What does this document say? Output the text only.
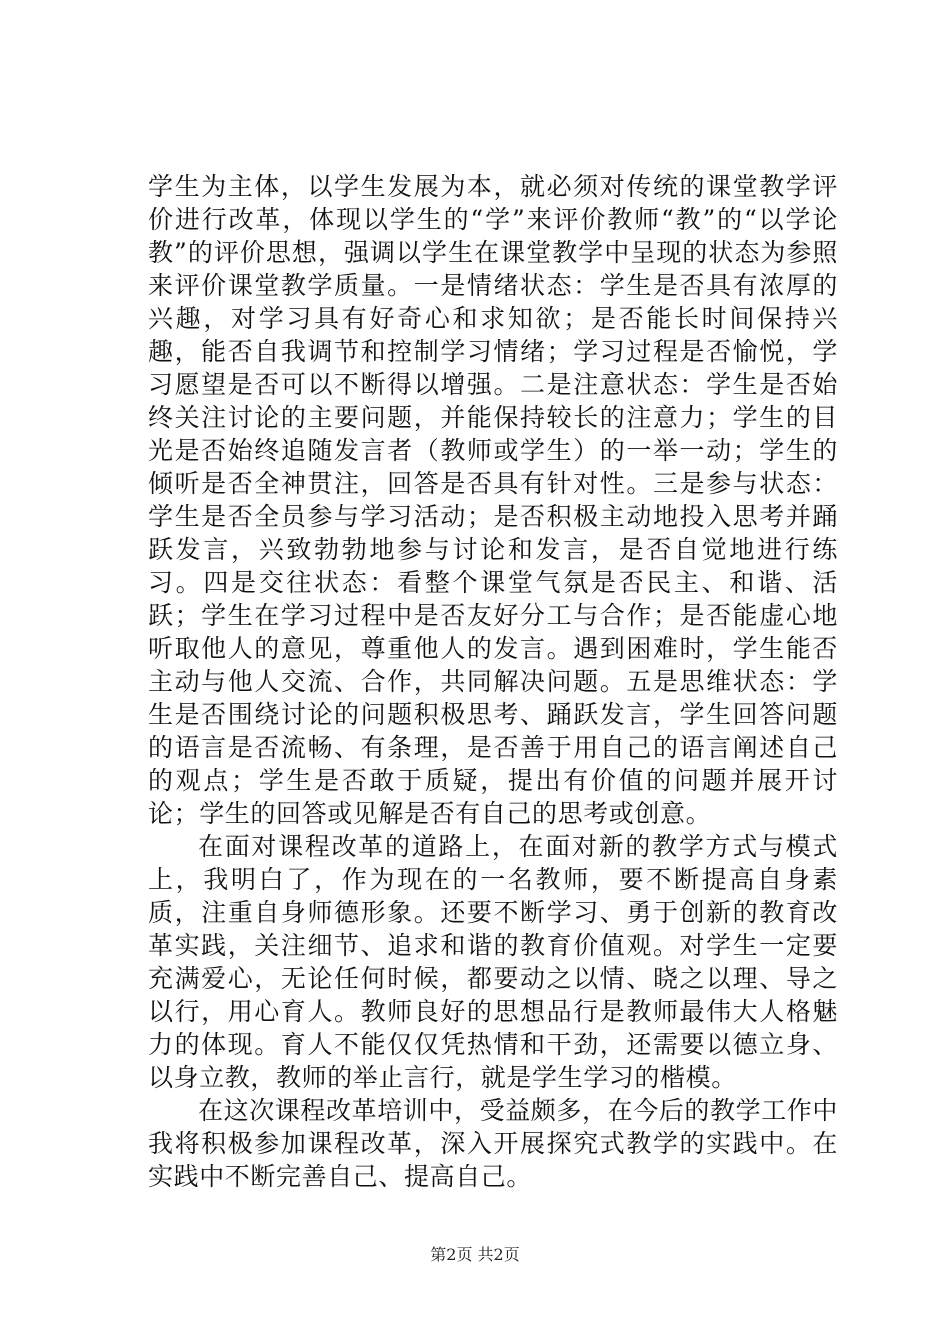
学生为主体，以学生发展为本，就必须对传统的课堂教学评价进行改革，体现以学生的“学”来评价教师“教”的“以学论教”的评价思想，强调以学生在课堂教学中呈现的状态为参照来评价课堂教学质量。一是情绪状态：学生是否具有浓厚的兴趣，对学习具有好奇心和求知欲；是否能长时间保持兴趣，能否自我调节和控制学习情绪；学习过程是否愉悦，学习愿望是否可以不断得以增强。二是注意状态：学生是否始终关注讨论的主要问题，并能保持较长的注意力；学生的目光是否始终追随发言者（教师或学生）的一举一动；学生的倾听是否全神贯注，回答是否具有针对性。三是参与状态：学生是否全员参与学习活动；是否积极主动地投入思考并踊跃发言，兴致勃勃地参与讨论和发言，是否自觉地进行练习。四是交往状态：看整个课堂气氛是否民主、和谐、活跃；学生在学习过程中是否友好分工与合作；是否能虚心地听取他人的意见，尊重他人的发言。遇到困难时，学生能否主动与他人交流、合作，共同解决问题。五是思维状态：学生是否围绕讨论的问题积极思考、踊跃发言，学生回答问题的语言是否流畅、有条理，是否善于用自己的语言阐述自己的观点；学生是否敢于质疑，提出有价值的问题并展开讨论；学生的回答或见解是否有自己的思考或创意。

在面对课程改革的道路上，在面对新的教学方式与模式上，我明白了，作为现在的一名教师，要不断提高自身素质，注重自身师德形象。还要不断学习、勇于创新的教育改革实践，关注细节、追求和谐的教育价值观。对学生一定要充满爱心，无论任何时候，都要动之以情、晓之以理、导之以行，用心育人。教师良好的思想品行是教师最伟大人格魅力的体现。育人不能仅仅凭热情和干劲，还需要以德立身、以身立教，教师的举止言行，就是学生学习的楷模。

在这次课程改革培训中，受益颇多，在今后的教学工作中我将积极参加课程改革，深入开展探究式教学的实践中。在实践中不断完善自己、提高自己。

第2页 共2页
